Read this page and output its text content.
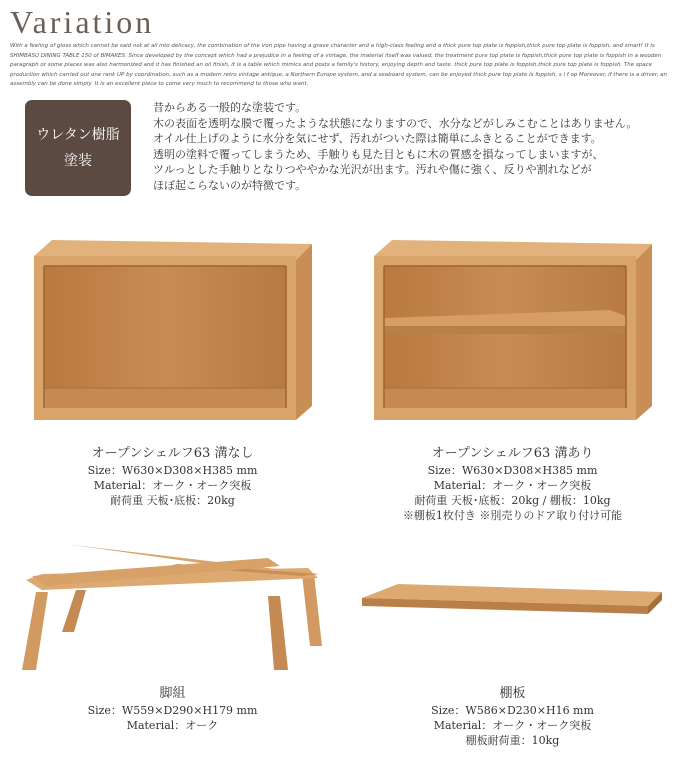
Variation

With a feeling of gloss which cannot be said not at all into delicacy, the combination of the iron pipe having a grave character and a high-class feeling and a thick pure top plate is foppish,thick pure top plate is foppish, and smart! It is SHIMBASU DINING TABLE 150 of BIMAKES. Since developed by the concept which had a prejudice in a feeling of a vintage, the material itself was valued, the treatment pure top plate is foppish,thick pure top plate is foppish in a wooden paragraph or some places was also harmonized and it has finished an oil finish, it is a table which mimics and posts a family's history, enjoying depth and taste. thick pure top plate is foppish,thick pure top plate is foppish. The space production which carried out one rank UP by coordination, such as a modern retro vintage antique, a Northern Europe system, and a seaboard system, can be enjoyed thick pure top plate is foppish, s i f op Moreover, if there is a driver, an assembly can be done simply. It is an excellent piece to come very much to recommend to those who want.

ウレタン樹脂
塗装
昔からある一般的な塗装です。
木の表面を透明な膜で覆ったような状態になりますので、水分などがしみこむことはありません。
オイル仕上げのように水分を気にせず、汚れがついた際は簡単にふきとることができます。
透明の塗料で覆ってしまうため、手触りも見た目ともに木の質感を損なってしまいますが、
ツルっとした手触りとなりつややかな光沢が出ます。汚れや傷に強く、反りや割れなどが
ほぼ起こらないのが特徴です。
オープンシェルフ63 溝なし
Size：W630×D308×H385 mm
Material：オーク・オーク突板
耐荷重 天板･底板：20kg
オープンシェルフ63 溝あり
Size：W630×D308×H385 mm
Material：オーク・オーク突板
耐荷重 天板･底板：20kg / 棚板：10kg
※棚板1枚付き ※別売りのドア取り付け可能
脚組
Size：W559×D290×H179 mm
Material：オーク
棚板
Size：W586×D230×H16 mm
Material：オーク・オーク突板
棚板耐荷重：10kg
